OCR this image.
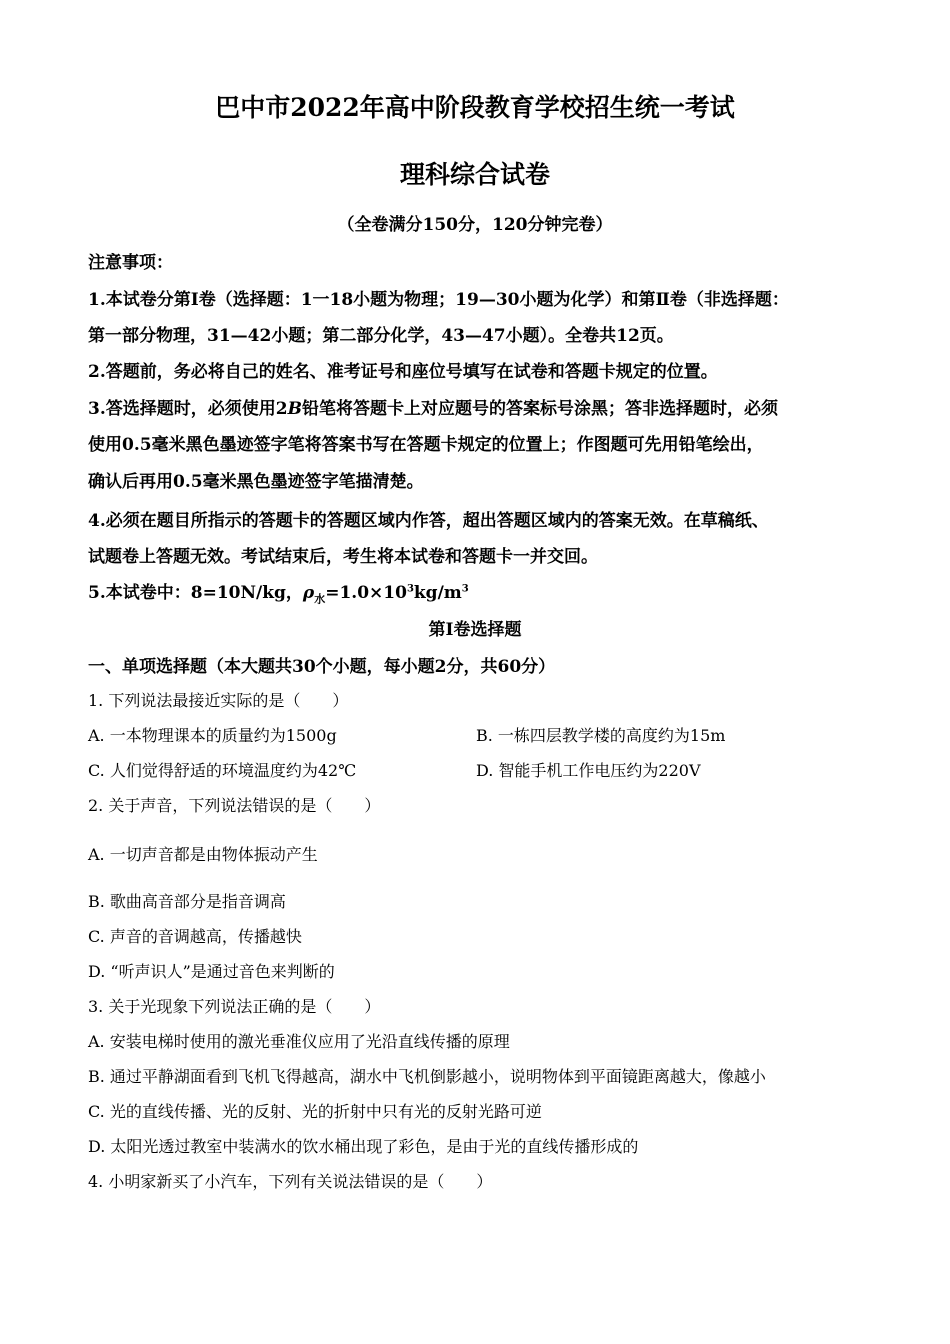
巴中市2022年高中阶段教育学校招生统一考试
理科综合试卷
（全卷满分150分，120分钟完卷）
注意事项：
1.本试卷分第I卷（选择题：1一18小题为物理；19—30小题为化学）和第Ⅱ卷（非选择题：
第一部分物理，31—42小题；第二部分化学，43—47小题）。全卷共12页。
2.答题前，务必将自己的姓名、准考证号和座位号填写在试卷和答题卡规定的位置。
3.答选择题时，必须使用2B铅笔将答题卡上对应题号的答案标号涂黑；答非选择题时，必须
使用0.5毫米黑色墨迹签字笔将答案书写在答题卡规定的位置上；作图题可先用铅笔绘出，
确认后再用0.5毫米黑色墨迹签字笔描清楚。
4.必须在题目所指示的答题卡的答题区域内作答，超出答题区域内的答案无效。在草稿纸、
试题卷上答题无效。考试结束后，考生将本试卷和答题卡一并交回。
5.本试卷中：8=10N/kg，$\rho_水=1.0\times 10^3kg/m^3$
第I卷选择题
一、单项选择题（本大题共30个小题，每小题2分，共60分）
1. 下列说法最接近实际的是（　　）
A. 一本物理课本的质量约为1500g	B. 一栋四层教学楼的高度约为15m
C. 人们觉得舒适的环境温度约为42℃	D. 智能手机工作电压约为220V
2. 关于声音，下列说法错误的是（　　）
A. 一切声音都是由物体振动产生
B. 歌曲高音部分是指音调高
C. 声音的音调越高，传播越快
D. “听声识人”是通过音色来判断的
3. 关于光现象下列说法正确的是（　　）
A. 安装电梯时使用的激光垂准仪应用了光沿直线传播的原理
B. 通过平静湖面看到飞机飞得越高，湖水中飞机倒影越小，说明物体到平面镜距离越大，像越小
C. 光的直线传播、光的反射、光的折射中只有光的反射光路可逆
D. 太阳光透过教室中装满水的饮水桶出现了彩色，是由于光的直线传播形成的
4. 小明家新买了小汽车，下列有关说法错误的是（　　）
